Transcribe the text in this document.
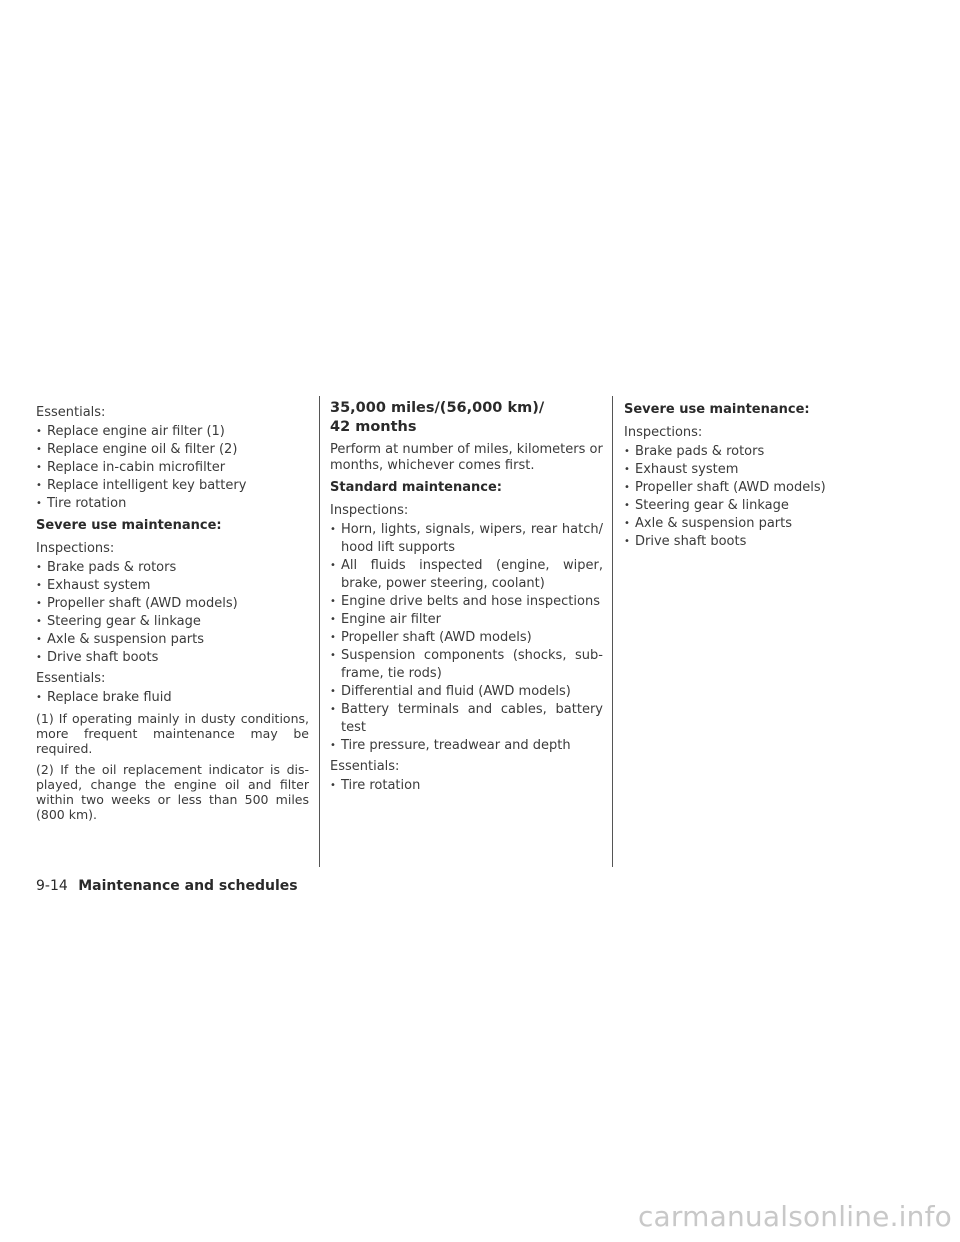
Essentials:
• Replace engine air filter (1)
• Replace engine oil & filter (2)
• Replace in-cabin microfilter
• Replace intelligent key battery
• Tire rotation
Severe use maintenance:
Inspections:
• Brake pads & rotors
• Exhaust system
• Propeller shaft (AWD models)
• Steering gear & linkage
• Axle & suspension parts
• Drive shaft boots
Essentials:
• Replace brake fluid

(1) If operating mainly in dusty conditions, more frequent maintenance may be required.

(2) If the oil replacement indicator is dis-played, change the engine oil and filter within two weeks or less than 500 miles (800 km).

35,000 miles/(56,000 km)/
42 months

Perform at number of miles, kilometers or months, whichever comes first.

Standard maintenance:
Inspections:
• Horn, lights, signals, wipers, rear hatch/ hood lift supports
• All fluids inspected (engine, wiper, brake, power steering, coolant)
• Engine drive belts and hose inspections
• Engine air filter
• Propeller shaft (AWD models)
• Suspension components (shocks, sub-frame, tie rods)
• Differential and fluid (AWD models)
• Battery terminals and cables, battery test
• Tire pressure, treadwear and depth
Essentials:
• Tire rotation
Severe use maintenance:
Inspections:
• Brake pads & rotors
• Exhaust system
• Propeller shaft (AWD models)
• Steering gear & linkage
• Axle & suspension parts
• Drive shaft boots
9-14 Maintenance and schedules
carmanualsonline.info
